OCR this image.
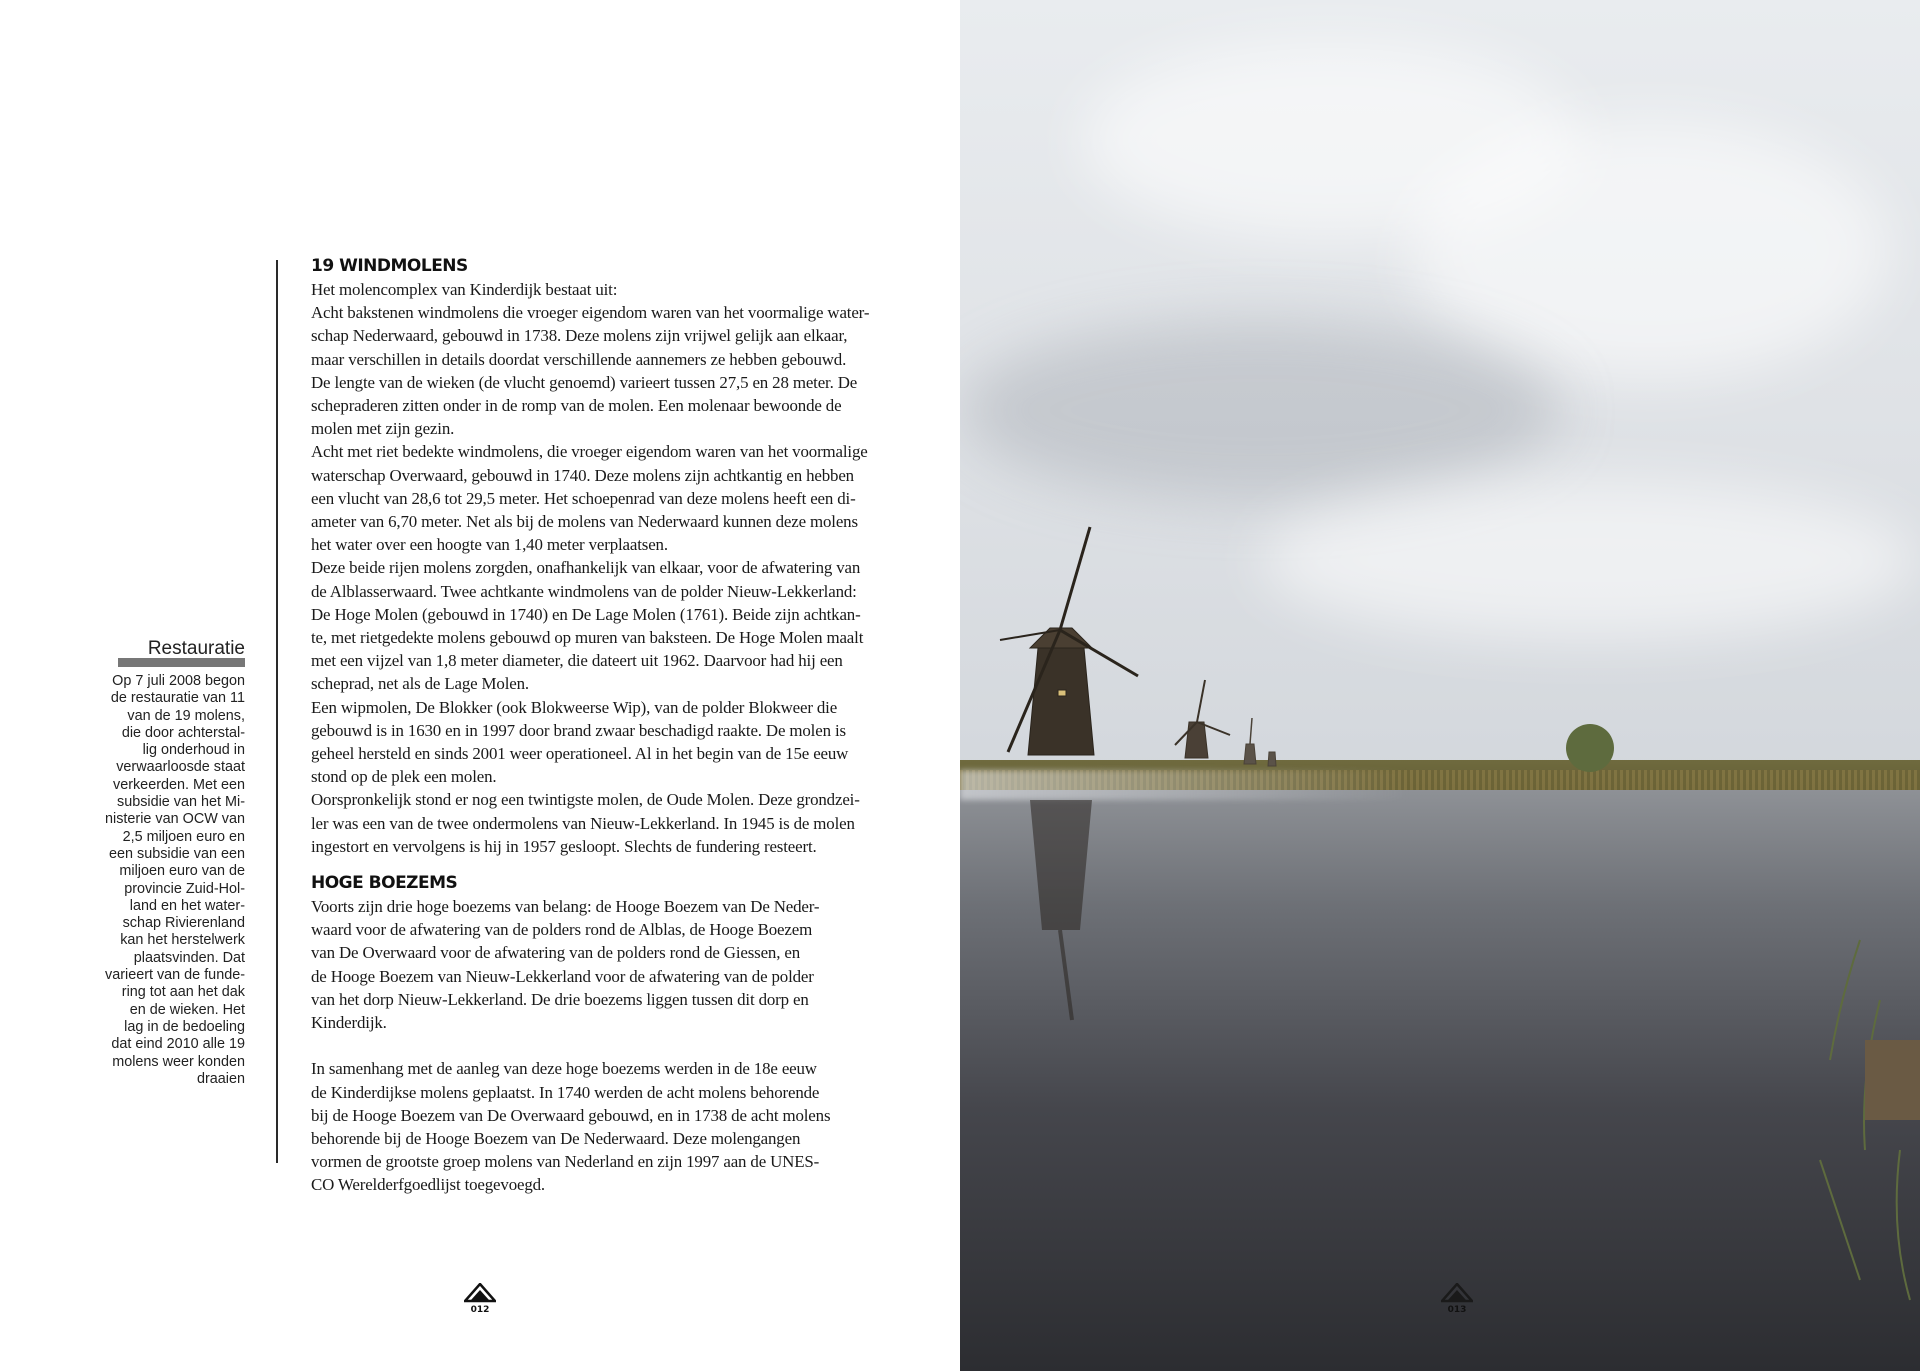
Restauratie
Op 7 juli 2008 begon
de restauratie van 11
van de 19 molens,
die door achterstal-
lig onderhoud in
verwaarloosde staat
verkeerden. Met een
subsidie van het Mi-
nisterie van OCW van
2,5 miljoen euro en
een subsidie van een
miljoen euro van de
provincie Zuid-Hol-
land en het water-
schap Rivierenland
kan het herstelwerk
plaatsvinden. Dat
varieert van de funde-
ring tot aan het dak
en de wieken. Het
lag in de bedoeling
dat eind 2010 alle 19
molens weer konden
draaien
19 WINDMOLENS
Het molencomplex van Kinderdijk bestaat uit:
Acht bakstenen windmolens die vroeger eigendom waren van het voormalige water-
schap Nederwaard, gebouwd in 1738. Deze molens zijn vrijwel gelijk aan elkaar,
maar verschillen in details doordat verschillende aannemers ze hebben gebouwd.
De lengte van de wieken (de vlucht genoemd) varieert tussen 27,5 en 28 meter. De
schepraderen zitten onder in de romp van de molen. Een molenaar bewoonde de
molen met zijn gezin.
Acht met riet bedekte windmolens, die vroeger eigendom waren van het voormalige
waterschap Overwaard, gebouwd in 1740. Deze molens zijn achtkantig en hebben
een vlucht van 28,6 tot 29,5 meter. Het schoepenrad van deze molens heeft een di-
ameter van 6,70 meter. Net als bij de molens van Nederwaard kunnen deze molens
het water over een hoogte van 1,40 meter verplaatsen.
Deze beide rijen molens zorgden, onafhankelijk van elkaar, voor de afwatering van
de Alblasserwaard. Twee achtkante windmolens van de polder Nieuw-Lekkerland:
De Hoge Molen (gebouwd in 1740) en De Lage Molen (1761). Beide zijn achtkan-
te, met rietgedekte molens gebouwd op muren van baksteen. De Hoge Molen maalt
met een vijzel van 1,8 meter diameter, die dateert uit 1962. Daarvoor had hij een
scheprad, net als de Lage Molen.
Een wipmolen, De Blokker (ook Blokweerse Wip), van de polder Blokweer die
gebouwd is in 1630 en in 1997 door brand zwaar beschadigd raakte. De molen is
geheel hersteld en sinds 2001 weer operationeel. Al in het begin van de 15e eeuw
stond op de plek een molen.
Oorspronkelijk stond er nog een twintigste molen, de Oude Molen. Deze grondzei-
ler was een van de twee ondermolens van Nieuw-Lekkerland. In 1945 is de molen
ingestort en vervolgens is hij in 1957 gesloopt. Slechts de fundering resteert.
HOGE BOEZEMS
Voorts zijn drie hoge boezems van belang: de Hooge Boezem van De Neder-
waard voor de afwatering van de polders rond de Alblas, de Hooge Boezem
van De Overwaard voor de afwatering van de polders rond de Giessen, en
de Hooge Boezem van Nieuw-Lekkerland voor de afwatering van de polder
van het dorp Nieuw-Lekkerland. De drie boezems liggen tussen dit dorp en
Kinderdijk.
In samenhang met de aanleg van deze hoge boezems werden in de 18e eeuw
de Kinderdijkse molens geplaatst. In 1740 werden de acht molens behorende
bij de Hooge Boezem van De Overwaard gebouwd, en in 1738 de acht molens
behorende bij de Hooge Boezem van De Nederwaard. Deze molengangen
vormen de grootste groep molens van Nederland en zijn 1997 aan de UNES-
CO Werelderfgoedlijst toegevoegd.
012	013
